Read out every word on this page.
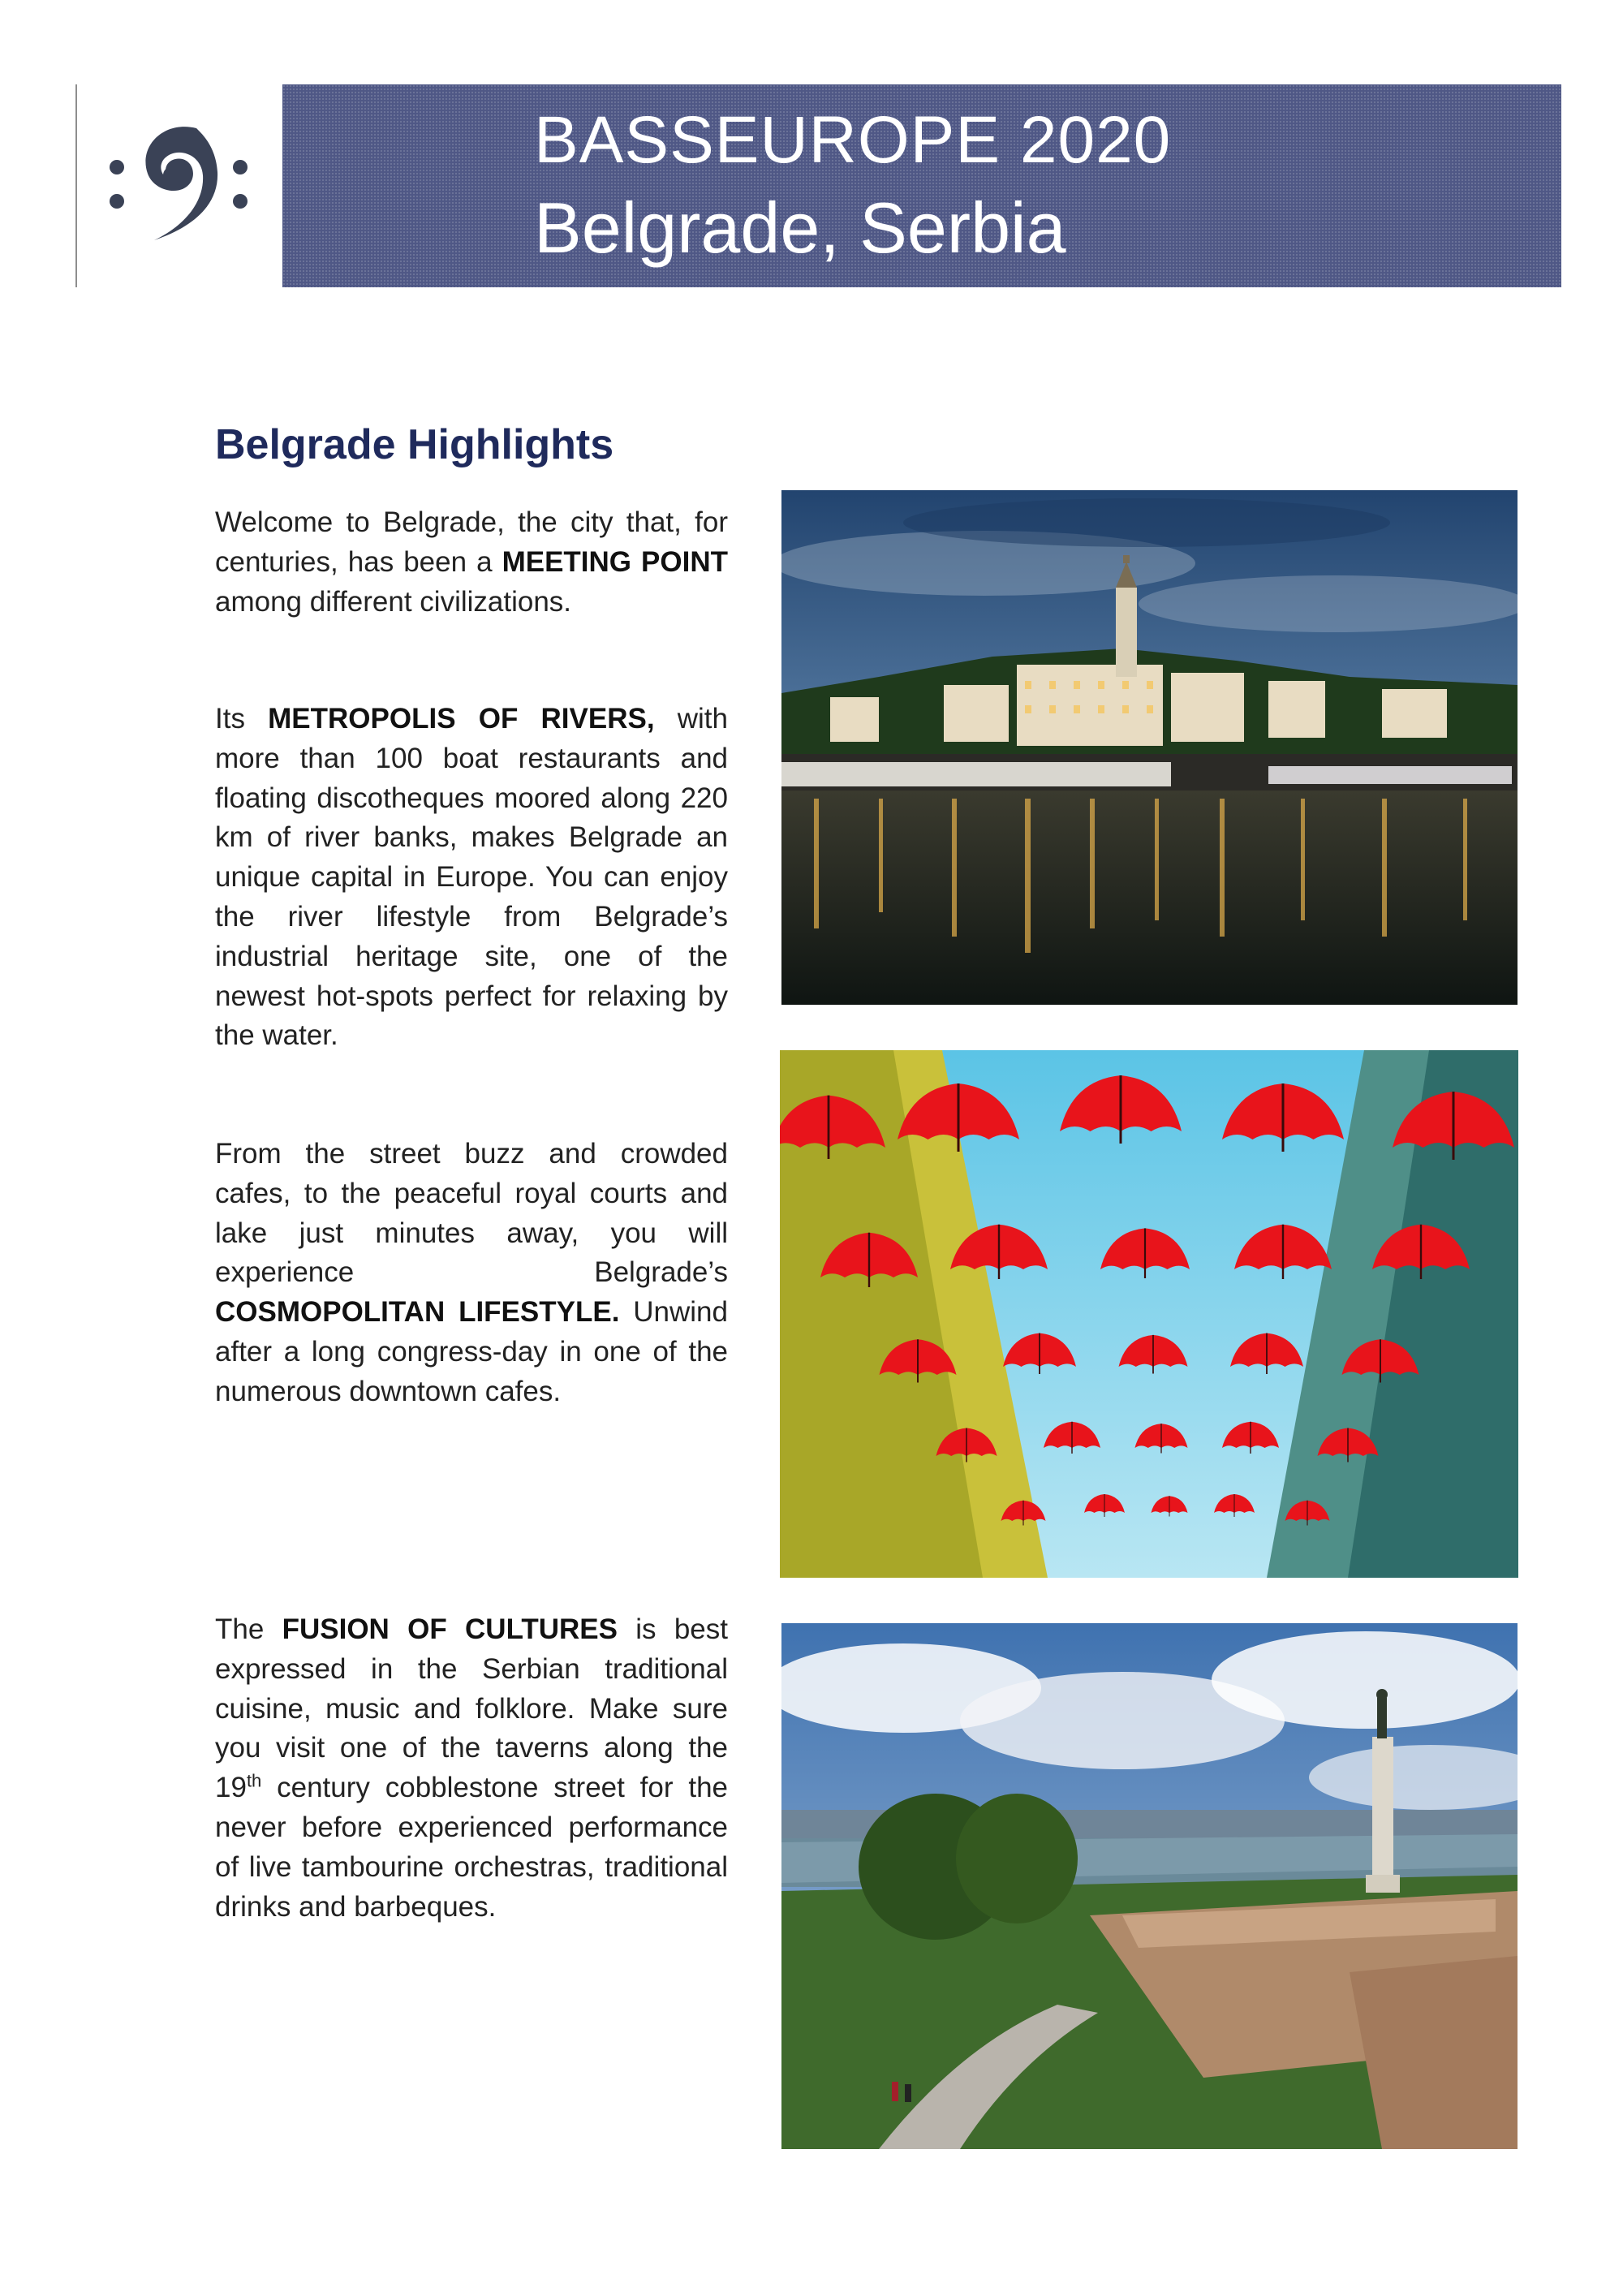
BASSEUROPE 2020
Belgrade, Serbia
Belgrade Highlights

Welcome to Belgrade, the city that, for centuries, has been a MEETING POINT among different civilizations.

Its METROPOLIS OF RIVERS, with more than 100 boat restaurants and floating discotheques moored along 220 km of river banks, makes Belgrade an unique capital in Europe. You can enjoy the river lifestyle from Belgrade’s industrial heritage site, one of the newest hot-spots perfect for relaxing by the water.

From the street buzz and crowded cafes, to the peaceful royal courts and lake just minutes away, you will experience Belgrade’s COSMOPOLITAN LIFESTYLE. Unwind after a long congress-day in one of the numerous downtown cafes.

The FUSION OF CULTURES is best expressed in the Serbian traditional cuisine, music and folklore. Make sure you visit one of the taverns along the 19th century cobblestone street for the never before experienced performance of live tambourine orchestras, traditional drinks and barbeques.
